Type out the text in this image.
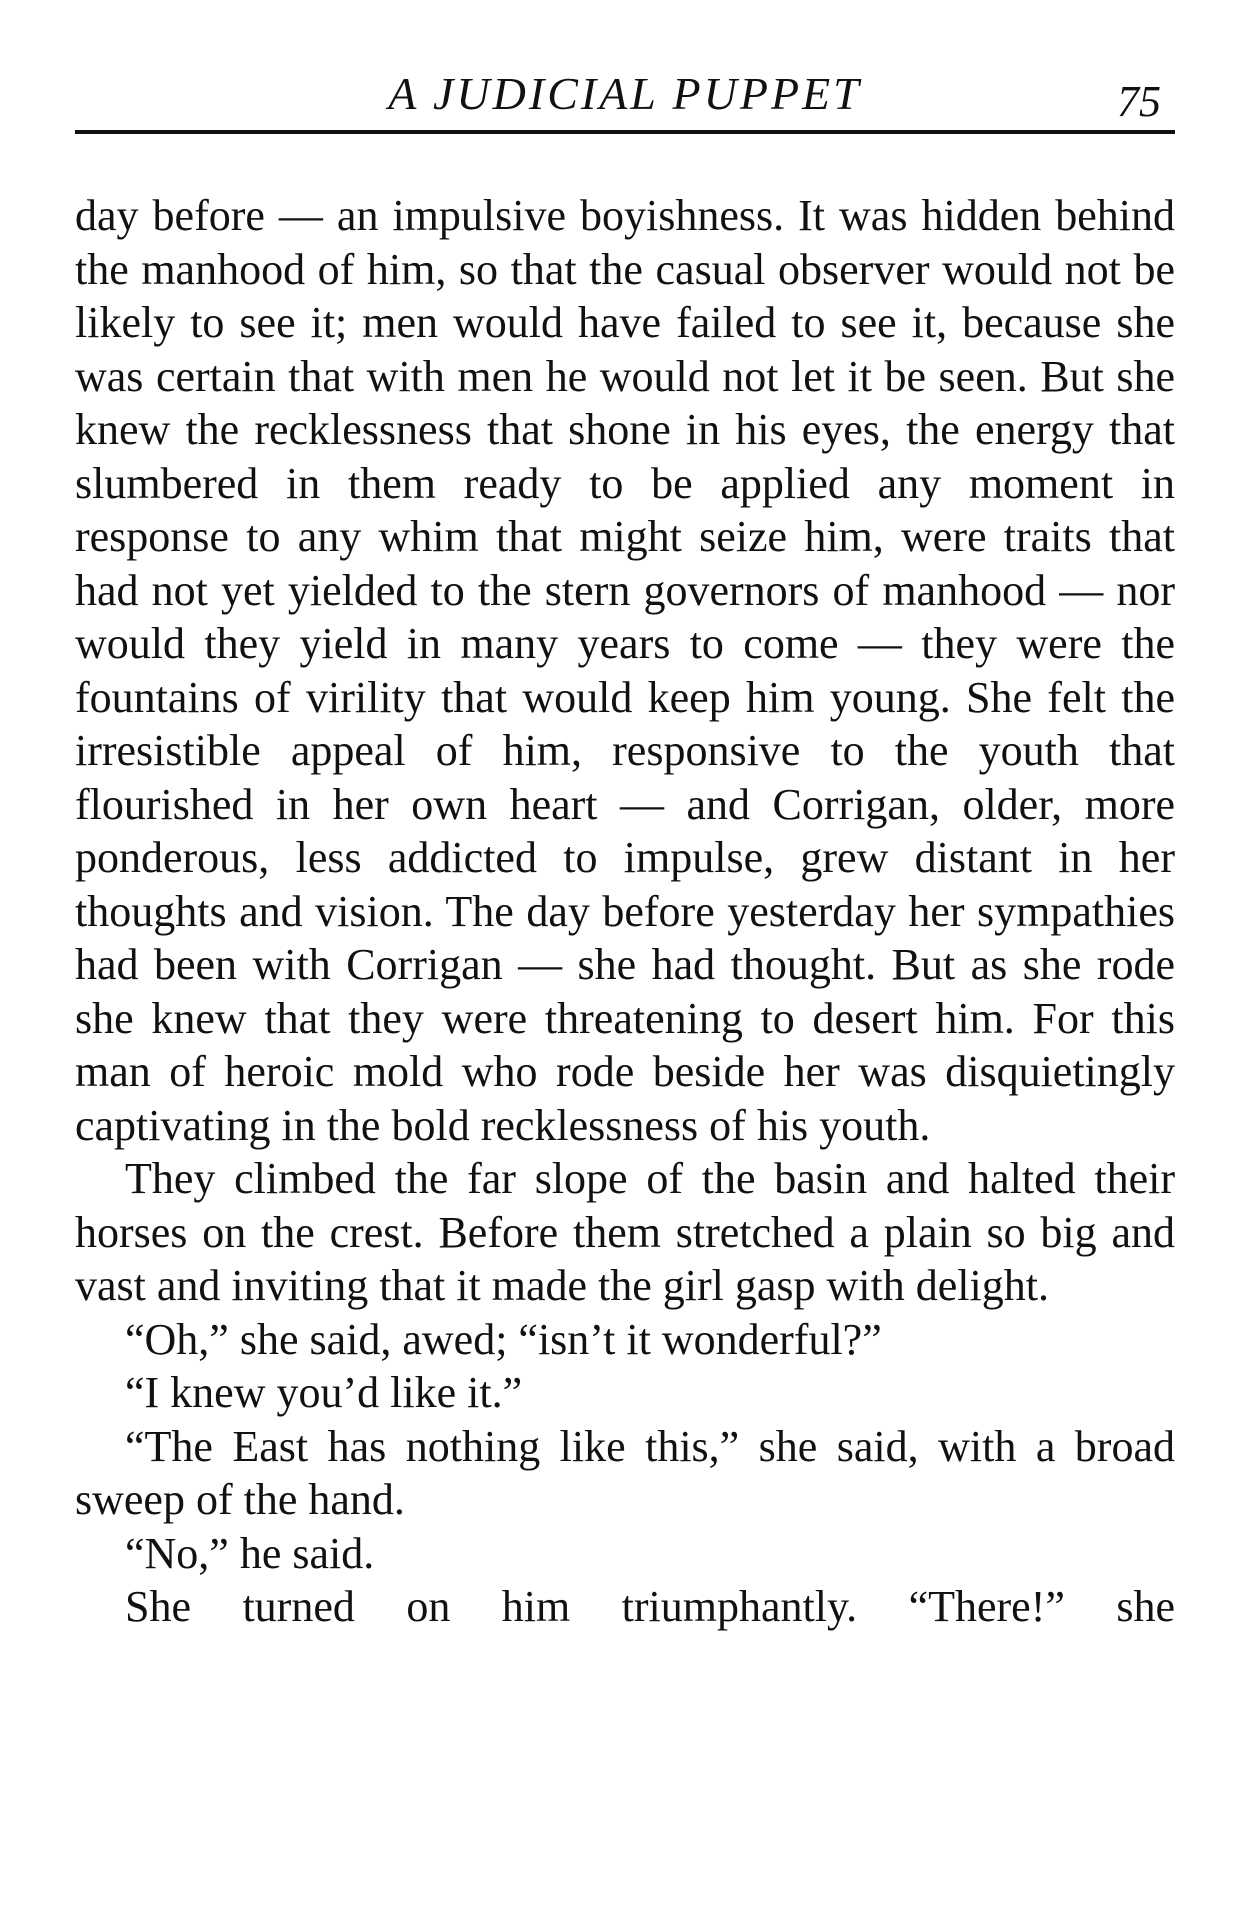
A JUDICIAL PUPPET	75

day before — an impulsive boyishness. It was hidden behind the manhood of him, so that the casual observer would not be likely to see it; men would have failed to see it, because she was certain that with men he would not let it be seen. But she knew the recklessness that shone in his eyes, the energy that slumbered in them ready to be applied any moment in response to any whim that might seize him, were traits that had not yet yielded to the stern governors of manhood — nor would they yield in many years to come — they were the fountains of virility that would keep him young. She felt the irresistible appeal of him, responsive to the youth that flourished in her own heart — and Corrigan, older, more ponderous, less addicted to impulse, grew distant in her thoughts and vision. The day before yesterday her sympathies had been with Corrigan — she had thought. But as she rode she knew that they were threatening to desert him. For this man of heroic mold who rode beside her was disquietingly captivating in the bold recklessness of his youth.

They climbed the far slope of the basin and halted their horses on the crest. Before them stretched a plain so big and vast and inviting that it made the girl gasp with delight.

“Oh,” she said, awed; “isn’t it wonderful?”

“I knew you’d like it.”

“The East has nothing like this,” she said, with a broad sweep of the hand.

“No,” he said.

She turned on him triumphantly. “There!” she
